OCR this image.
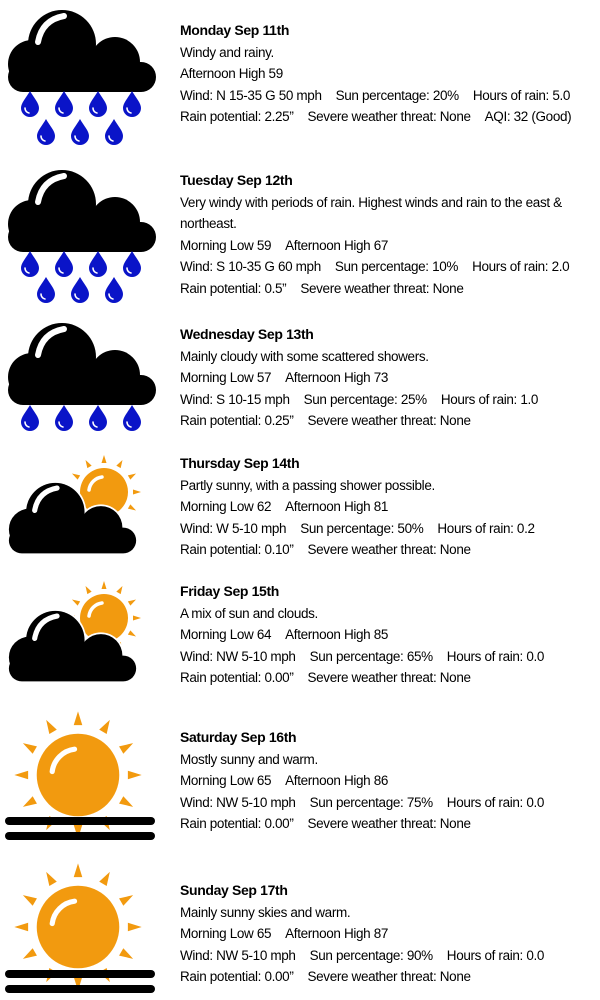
Monday Sep 11th
Windy and rainy.
Afternoon High 59
Wind: N 15-35 G 50 mph Sun percentage: 20% Hours of rain: 5.0
Rain potential: 2.25” Severe weather threat: None AQI: 32 (Good)
Tuesday Sep 12th
Very windy with periods of rain. Highest winds and rain to the east & northeast.
Morning Low 59 Afternoon High 67
Wind: S 10-35 G 60 mph Sun percentage: 10% Hours of rain: 2.0
Rain potential: 0.5” Severe weather threat: None
Wednesday Sep 13th
Mainly cloudy with some scattered showers.
Morning Low 57 Afternoon High 73
Wind: S 10-15 mph Sun percentage: 25% Hours of rain: 1.0
Rain potential: 0.25” Severe weather threat: None
Thursday Sep 14th
Partly sunny, with a passing shower possible.
Morning Low 62 Afternoon High 81
Wind: W 5-10 mph Sun percentage: 50% Hours of rain: 0.2
Rain potential: 0.10” Severe weather threat: None
Friday Sep 15th
A mix of sun and clouds.
Morning Low 64 Afternoon High 85
Wind: NW 5-10 mph Sun percentage: 65% Hours of rain: 0.0
Rain potential: 0.00” Severe weather threat: None
Saturday Sep 16th
Mostly sunny and warm.
Morning Low 65 Afternoon High 86
Wind: NW 5-10 mph Sun percentage: 75% Hours of rain: 0.0
Rain potential: 0.00” Severe weather threat: None
Sunday Sep 17th
Mainly sunny skies and warm.
Morning Low 65 Afternoon High 87
Wind: NW 5-10 mph Sun percentage: 90% Hours of rain: 0.0
Rain potential: 0.00” Severe weather threat: None
